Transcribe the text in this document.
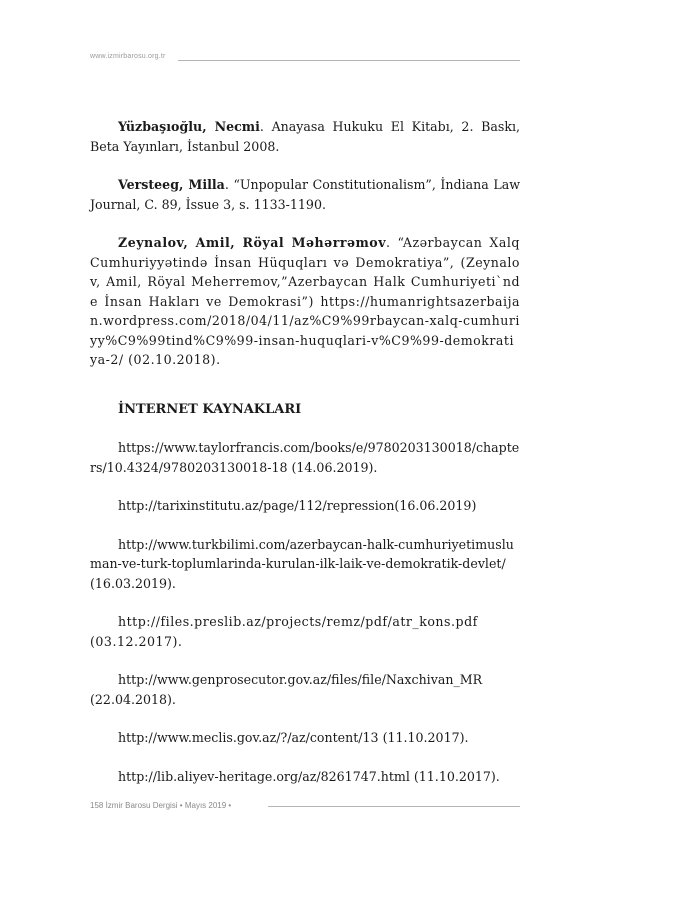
www.izmirbarosu.org.tr

Yüzbaşıoğlu, Necmi. Anayasa Hukuku El Kitabı, 2. Baskı, Beta Yayınları, İstanbul 2008.

Versteeg, Milla. “Unpopular Constitutionalism”, İndiana Law Journal, C. 89, İssue 3, s. 1133-1190.

Zeynalov, Amil, Röyal Məhərrəmov. “Azərbaycan Xalq Cumhuriyyətində İnsan Hüquqları və Demokratiya”, (Zeynalov, Amil, Röyal Meherremov,”Azerbaycan Halk Cumhuriyeti`nde İnsan Hakları ve Demokrasi”) https://humanrightsazerbaijan.wordpress.com/2018/04/11/az%C9%99rbaycan-xalq-cumhuriyy%C9%99tind%C9%99-insan-huquqlari-v%C9%99-demokratiya-2/ (02.10.2018).

İNTERNET KAYNAKLARI

https://www.taylorfrancis.com/books/e/9780203130018/chapters/10.4324/9780203130018-18 (14.06.2019).

http://tarixinstitutu.az/page/112/repression(16.06.2019)

http://www.turkbilimi.com/azerbaycan-halk-cumhuriyetimusluman-ve-turk-toplumlarinda-kurulan-ilk-laik-ve-demokratik-devlet/ (16.03.2019).

http://files.preslib.az/projects/remz/pdf/atr_kons.pdf (03.12.2017).

http://www.genprosecutor.gov.az/files/file/Naxchivan_MR (22.04.2018).

http://www.meclis.gov.az/?/az/content/13 (11.10.2017).

http://lib.aliyev-heritage.org/az/8261747.html (11.10.2017).

158 İzmir Barosu Dergisi • Mayıs 2019 •
